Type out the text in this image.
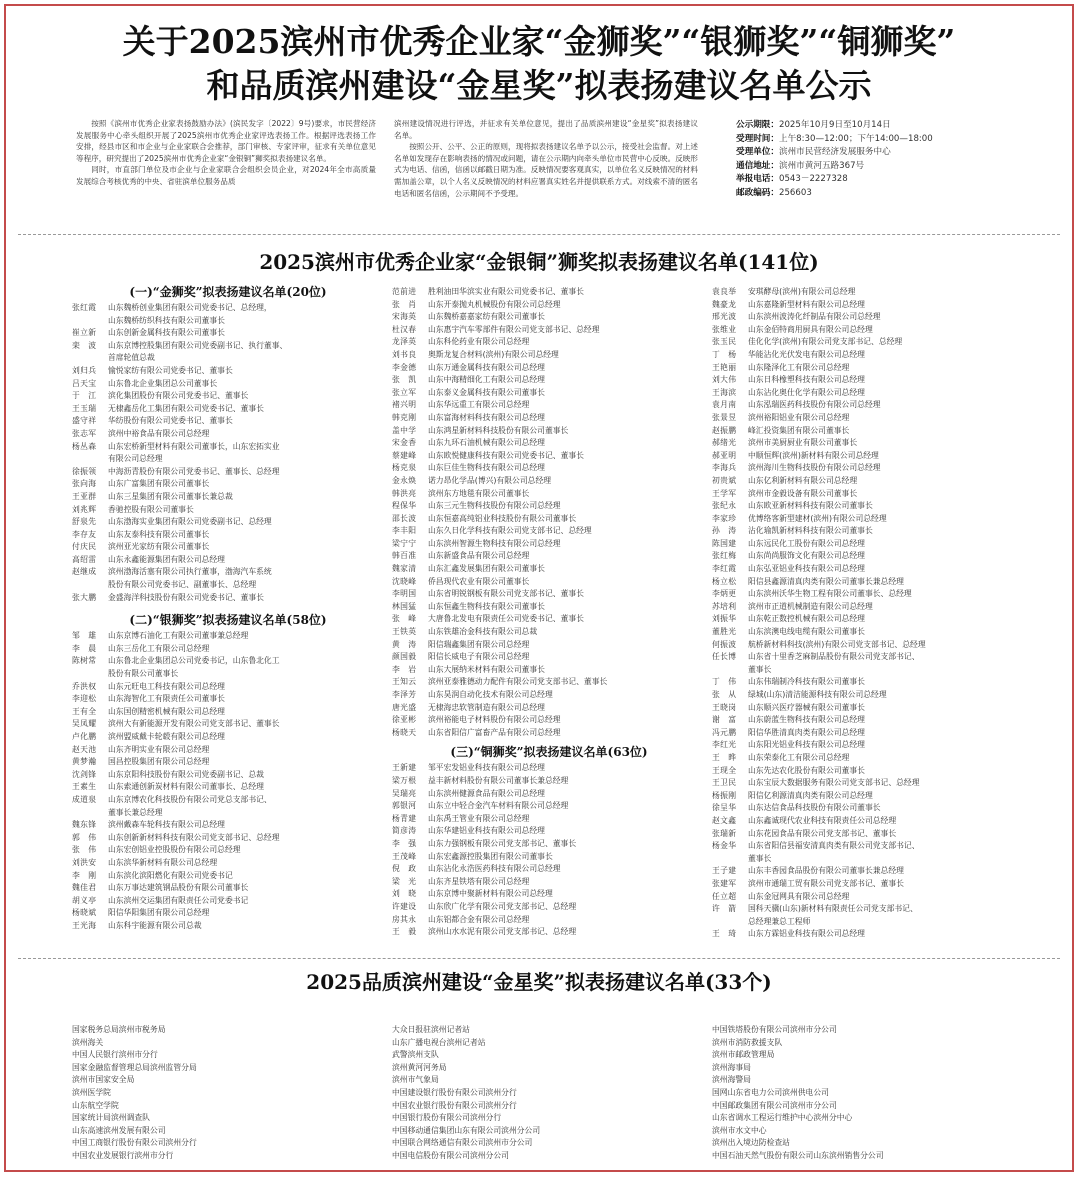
关于2025滨州市优秀企业家“金狮奖”“银狮奖”“铜狮奖”
和品质滨州建设“金星奖”拟表扬建议名单公示

按照《滨州市优秀企业家表扬鼓励办法》(滨民发字〔2022〕9号)要求，市民营经济发展服务中心牵头组织开展了2025滨州市优秀企业家评选表扬工作。根据评选表扬工作安排，经县市区和市企业与企业家联合会推荐，部门审核、专家评审，征求有关单位意见等程序，研究提出了2025滨州市优秀企业家“金银铜”狮奖拟表扬建议名单。

同时，市直部门单位及市企业与企业家联合会组织会员企业，对2024年全市高质量发展综合考核优秀的中央、省驻滨单位服务品质

滨州建设情况进行评选，并征求有关单位意见，提出了品质滨州建设“金星奖”拟表扬建议名单。

按照公开、公平、公正的原则，现将拟表扬建议名单予以公示，接受社会监督。对上述名单如发现存在影响表扬的情况或问题，请在公示期内向牵头单位市民营中心反映。反映形式为电话、信函，信函以邮戳日期为准。反映情况要客观真实，以单位名义反映情况的材料需加盖公章，以个人名义反映情况的材料应署真实姓名并提供联系方式。对线索不清的匿名电话和匿名信函，公示期间不予受理。

公示期限：2025年10月9日至10月14日
受理时间：上午8:30—12:00；下午14:00—18:00
受理单位：滨州市民营经济发展服务中心
通信地址：滨州市黄河五路367号
举报电话：0543－2227328
邮政编码：256603
2025滨州市优秀企业家“金银铜”狮奖拟表扬建议名单(141位)
(一)“金狮奖”拟表扬建议名单(20位)
张红霞	山东魏桥创业集团有限公司党委书记、总经理，
山东魏桥纺织科技有限公司董事长
崔立新	山东创新金属科技有限公司董事长
栾　波	山东京博控股集团有限公司党委副书记、执行董事、
首席轮值总裁
刘归兵	愉悦家纺有限公司党委书记、董事长
吕天宝	山东鲁北企业集团总公司董事长
于　江	滨化集团股份有限公司党委书记、董事长
王玉瑞	无棣鑫岳化工集团有限公司党委书记、董事长
盛守祥	华纺股份有限公司党委书记、董事长
张志军	滨州中裕食品有限公司总经理
杨丛森	山东宏桥新型材料有限公司董事长，山东宏拓实业
有限公司总经理
徐振领	中海沥青股份有限公司党委书记、董事长、总经理
张向海	山东广富集团有限公司董事长
王亚群	山东三星集团有限公司董事长兼总裁
刘兆辉	香驰控股有限公司董事长
舒泉先	山东渤海实业集团有限公司党委副书记、总经理
李存友	山东友泰科技有限公司董事长
付庆民	滨州亚光家纺有限公司董事长
高绍雷	山东永鑫能源集团有限公司总经理
赵继成	滨州渤海活塞有限公司执行董事，渤海汽车系统
股份有限公司党委书记、副董事长、总经理
张大鹏	金盛海洋科技股份有限公司党委书记、董事长
(二)“银狮奖”拟表扬建议名单(58位)
邹　雄	山东京博石油化工有限公司董事兼总经理
李　晨	山东三岳化工有限公司总经理
陈树常	山东鲁北企业集团总公司党委书记，山东鲁北化工
股份有限公司董事长
乔洪权	山东元旺电工科技有限公司总经理
李迎松	山东海智化工有限责任公司董事长
王有全	山东国创精密机械有限公司总经理
吴凤耀	滨州大有新能源开发有限公司党支部书记、董事长
卢化鹏	滨州盟威戴卡轮毂有限公司总经理
赵天池	山东齐明实业有限公司总经理
黄梦瀚	国昌控股集团有限公司总经理
沈剑锋	山东京阳科技股份有限公司党委副书记、总裁
王素生	山东索通创新炭材料有限公司董事长、总经理
成道泉	山东京博农化科技股份有限公司党总支部书记、
董事长兼总经理
魏东锋	滨州戴森车轮科技有限公司总经理
郭　伟	山东创新新材料科技有限公司党支部书记、总经理
张　伟	山东宏创铝业控股股份有限公司总经理
刘洪安	山东滨华新材料有限公司总经理
李　刚	山东滨化滨阳燃化有限公司党委书记
魏佳君	山东万事达建筑钢品股份有限公司董事长
胡义亭	山东滨州交运集团有限责任公司党委书记
杨晓斌	阳信华阳集团有限公司总经理
王光海	山东科宇能源有限公司总裁
范前进	胜利油田华滨实业有限公司党委书记、董事长
张　肖	山东开泰抛丸机械股份有限公司总经理
宋海英	山东魏桥嘉嘉家纺有限公司董事长
杜汉春	山东惠宇汽车零部件有限公司党支部书记、总经理
龙泽英	山东科伦药业有限公司总经理
刘书良	奥斯龙复合材料(滨州)有限公司总经理
李金德	山东万通金属科技有限公司总经理
张　凯	山东中海精细化工有限公司总经理
张立军	山东泰义金属科技有限公司董事长
褚兴明	山东华远重工有限公司总经理
韩克刚	山东富海材料科技有限公司总经理
盖中学	山东鸿星新材料科技股份有限公司董事长
宋金香	山东九环石油机械有限公司总经理
蔡建峰	山东欧悦健康科技有限公司党委书记、董事长
杨克泉	山东巨佳生物科技有限公司总经理
金永焕	诺力昂化学品(博兴)有限公司总经理
韩洪亮	滨州东方地毯有限公司董事长
程保华	山东三元生物科技股份有限公司总经理
邵长波	山东恒嘉高纯铝业科技股份有限公司董事长
李丰阳	山东久日化学科技有限公司党支部书记、总经理
梁宁宁	山东滨州智源生物科技有限公司总经理
韩百准	山东新盛食品有限公司总经理
魏家清	山东汇鑫发展集团有限公司董事长
沈晓峰	侨昌现代农业有限公司董事长
李明国	山东省明锐钢板有限公司党支部书记、董事长
林国猛	山东恒鑫生物科技有限公司董事长
张　峰	大唐鲁北发电有限责任公司党委书记、董事长
王铁英	山东铁雄冶金科技有限公司总裁
黄　涛	阳信瑞鑫集团有限公司总经理
颜国毅	阳信长威电子有限公司总经理
李　岩	山东大展纳米材料有限公司董事长
王知云	滨州亚泰雅德动力配件有限公司党支部书记、董事长
李泽芳	山东昊润自动化技术有限公司总经理
唐光盛	无棣海忠软管制造有限公司总经理
徐亚彬	滨州裕能电子材料股份有限公司总经理
杨晓天	山东省阳信广富畜产品有限公司总经理
(三)“铜狮奖”拟表扬建议名单(63位)
王新建	邹平宏发铝业科技有限公司总经理
梁万根	益丰新材料股份有限公司董事长兼总经理
吴瑞亮	山东滨州健源食品有限公司总经理
郭银河	山东立中轻合金汽车材料有限公司总经理
杨青建	山东禹王管业有限公司总经理
简彦涛	山东华建铝业科技有限公司总经理
李　强	山东力强钢板有限公司党支部书记、董事长
王茂峰	山东宏鑫源控股集团有限公司董事长
倪　政	山东沾化永浩医药科技有限公司总经理
梁　光	山东齐星铁塔有限公司总经理
刘　晓	山东京博中聚新材料有限公司总经理
许建设	山东欣广化学有限公司党支部书记、总经理
房其永	山东铝都合金有限公司总经理
王　毅	滨州山水水泥有限公司党支部书记、总经理
袁良举	安琪酵母(滨州)有限公司总经理
魏豪龙	山东嘉隆新型材料有限公司总经理
邢光波	山东滨州波涛化纤制品有限公司总经理
张维业	山东金佰特商用厨具有限公司总经理
张玉民	佳化化学(滨州)有限公司党支部书记、总经理
丁　杨	华能沾化光伏发电有限公司总经理
王艳丽	山东隆泽化工有限公司总经理
刘大伟	山东日科橡塑科技有限公司总经理
王海滨	山东沾化奥仕化学有限公司总经理
袁月南	山东泓瑞医药科技股份有限公司总经理
张景昱	滨州裕阳铝业有限公司总经理
赵振鹏	峰汇投资集团有限公司董事长
郝绪光	滨州市美厨厨业有限公司董事长
郝亚明	中顺恒辉(滨州)新材料有限公司总经理
李海兵	滨州海川生物科技股份有限公司总经理
初贵斌	山东亿利新材料有限公司总经理
王学军	滨州市金毅设备有限公司董事长
张纪永	山东欧亚新材料科技有限公司董事长
李家珍	优博络客新型建材(滨州)有限公司总经理
孙　涛	沾化瑜凯新材料科技有限公司董事长
陈国建	山东远民化工股份有限公司总经理
张红梅	山东尚尚服饰文化有限公司总经理
李红霞	山东弘亚铝业科技有限公司总经理
杨立松	阳信县鑫源清真肉类有限公司董事长兼总经理
李炳更	山东滨州沃华生物工程有限公司董事长、总经理
苏培利	滨州市正道机械制造有限公司总经理
刘振华	山东乾正数控机械有限公司总经理
董胜光	山东滨澳电线电缆有限公司董事长
何振波	航桥新材料科技(滨州)有限公司党支部书记、总经理
任长博	山东省十里香芝麻制品股份有限公司党支部书记、
董事长
丁　伟	山东伟瑞制冷科技有限公司董事长
张　从	绿城(山东)清洁能源科技有限公司总经理
王晓岗	山东顺兴医疗器械有限公司董事长
谢　富	山东蔚蓝生物科技有限公司总经理
冯元鹏	阳信华胜清真肉类有限公司总经理
李红光	山东阳光铝业科技有限公司总经理
王　晔	山东荣泰化工有限公司总经理
王现全	山东先达农化股份有限公司董事长
王卫民	山东宝辰大数据服务有限公司党支部书记、总经理
杨振刚	阳信亿利源清真肉类有限公司总经理
徐呈华	山东达信食品科技股份有限公司董事长
赵文鑫	山东鑫诚现代农业科技有限责任公司总经理
张瑞新	山东花园食品有限公司党支部书记、董事长
杨金华	山东省阳信县福安清真肉类有限公司党支部书记、
董事长
王子建	山东丰香园食品股份有限公司董事长兼总经理
张建军	滨州市通瑞工贸有限公司党支部书记、董事长
任立超	山东金冠网具有限公司总经理
许　箭	国科天骥(山东)新材料有限责任公司党支部书记、
总经理兼总工程师
王　琦	山东方霖铝业科技有限公司总经理
2025品质滨州建设“金星奖”拟表扬建议名单(33个)
国家税务总局滨州市税务局
滨州海关
中国人民银行滨州市分行
国家金融监督管理总局滨州监管分局
滨州市国家安全局
滨州医学院
山东航空学院
国家统计局滨州调查队
山东高速滨州发展有限公司
中国工商银行股份有限公司滨州分行
中国农业发展银行滨州市分行
大众日报驻滨州记者站
山东广播电视台滨州记者站
武警滨州支队
滨州黄河河务局
滨州市气象局
中国建设银行股份有限公司滨州分行
中国农业银行股份有限公司滨州分行
中国银行股份有限公司滨州分行
中国移动通信集团山东有限公司滨州分公司
中国联合网络通信有限公司滨州市分公司
中国电信股份有限公司滨州分公司
中国铁塔股份有限公司滨州市分公司
滨州市消防救援支队
滨州市邮政管理局
滨州海事局
滨州海警局
国网山东省电力公司滨州供电公司
中国邮政集团有限公司滨州市分公司
山东省调水工程运行维护中心滨州分中心
滨州市水文中心
滨州出入境边防检查站
中国石油天然气股份有限公司山东滨州销售分公司
